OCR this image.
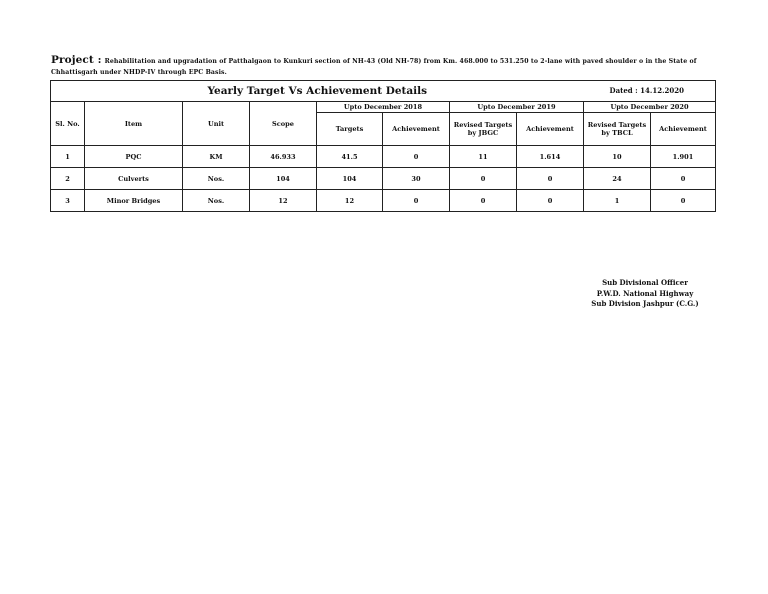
Project : Rehabilitation and upgradation of Patthalgaon to Kunkuri section of NH-43 (Old NH-78) from Km. 468.000 to 531.250 to 2-lane with paved shoulder o in the State of Chhattisgarh under NHDP-IV through EPC Basis.
Yearly Target Vs Achievement Details								Dated : 14.12.2020	
Sl. No.	Item	Unit	Scope	Upto December 2018		Upto December 2019		Upto December 2020	
				Targets	Achievement	Revised Targets by JBGC	Achievement	Revised Targets by TBCL	Achievement
1	PQC	KM	46.933	41.5	0	11	1.614	10	1.901
2	Culverts	Nos.	104	104	30	0	0	24	0
3	Minor Bridges	Nos.	12	12	0	0	0	1	0
Sub Divisional Officer
P.W.D. National Highway
Sub Division Jashpur (C.G.)
